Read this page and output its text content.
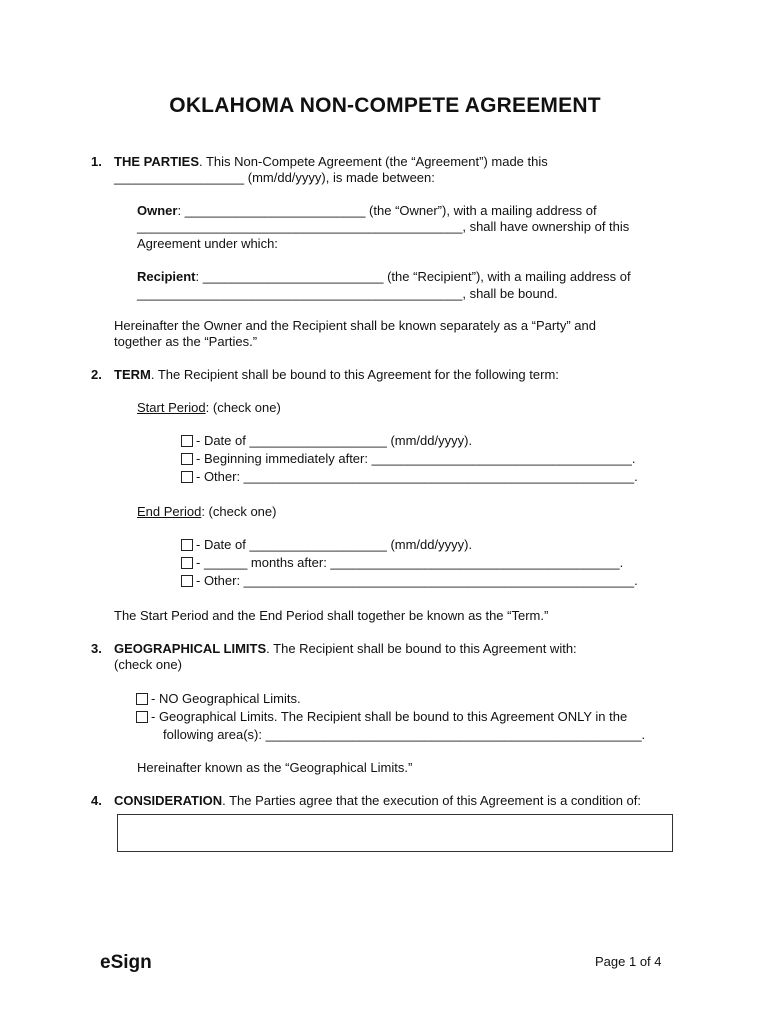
OKLAHOMA NON-COMPETE AGREEMENT
1. THE PARTIES. This Non-Compete Agreement (the “Agreement”) made this
__________________ (mm/dd/yyyy), is made between:
Owner: _________________________ (the “Owner”), with a mailing address of
_____________________________________________, shall have ownership of this
Agreement under which:
Recipient: _________________________ (the “Recipient”), with a mailing address of
_____________________________________________, shall be bound.
Hereinafter the Owner and the Recipient shall be known separately as a “Party” and
together as the “Parties.”
2. TERM. The Recipient shall be bound to this Agreement for the following term:
Start Period: (check one)
- Date of ___________________ (mm/dd/yyyy).
- Beginning immediately after: ____________________________________.
- Other: ______________________________________________________.
End Period: (check one)
- Date of ___________________ (mm/dd/yyyy).
- ______ months after: ________________________________________.
- Other: ______________________________________________________.
The Start Period and the End Period shall together be known as the “Term.”
3. GEOGRAPHICAL LIMITS. The Recipient shall be bound to this Agreement with:
(check one)
- NO Geographical Limits.
- Geographical Limits. The Recipient shall be bound to this Agreement ONLY in the
following area(s): ____________________________________________________.
Hereinafter known as the “Geographical Limits.”
4. CONSIDERATION. The Parties agree that the execution of this Agreement is a condition of:
eSign	Page 1 of 4
